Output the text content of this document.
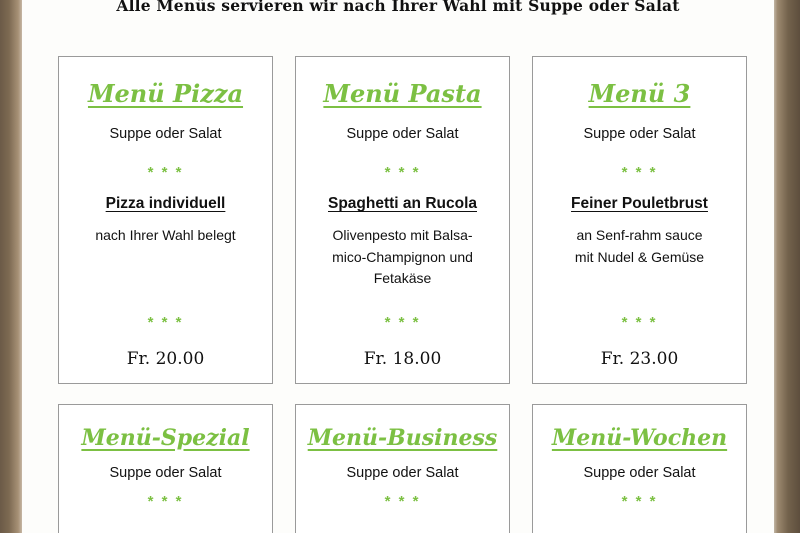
Alle Menüs servieren wir nach Ihrer Wahl mit Suppe oder Salat
Menü Pizza
Suppe oder Salat
* * *
Pizza individuell
nach Ihrer Wahl belegt
* * *
Fr. 20.00
Menü Pasta
Suppe oder Salat
* * *
Spaghetti an Rucola
Olivenpesto mit Balsa-
mico-Champignon und
Fetakäse
* * *
Fr. 18.00
Menü 3
Suppe oder Salat
* * *
Feiner Pouletbrust
an Senf-rahm sauce
mit Nudel & Gemüse
* * *
Fr. 23.00
Menü-Spezial
Suppe oder Salat
* * *
Menü-Business
Suppe oder Salat
* * *
Menü-Wochen
Suppe oder Salat
* * *
